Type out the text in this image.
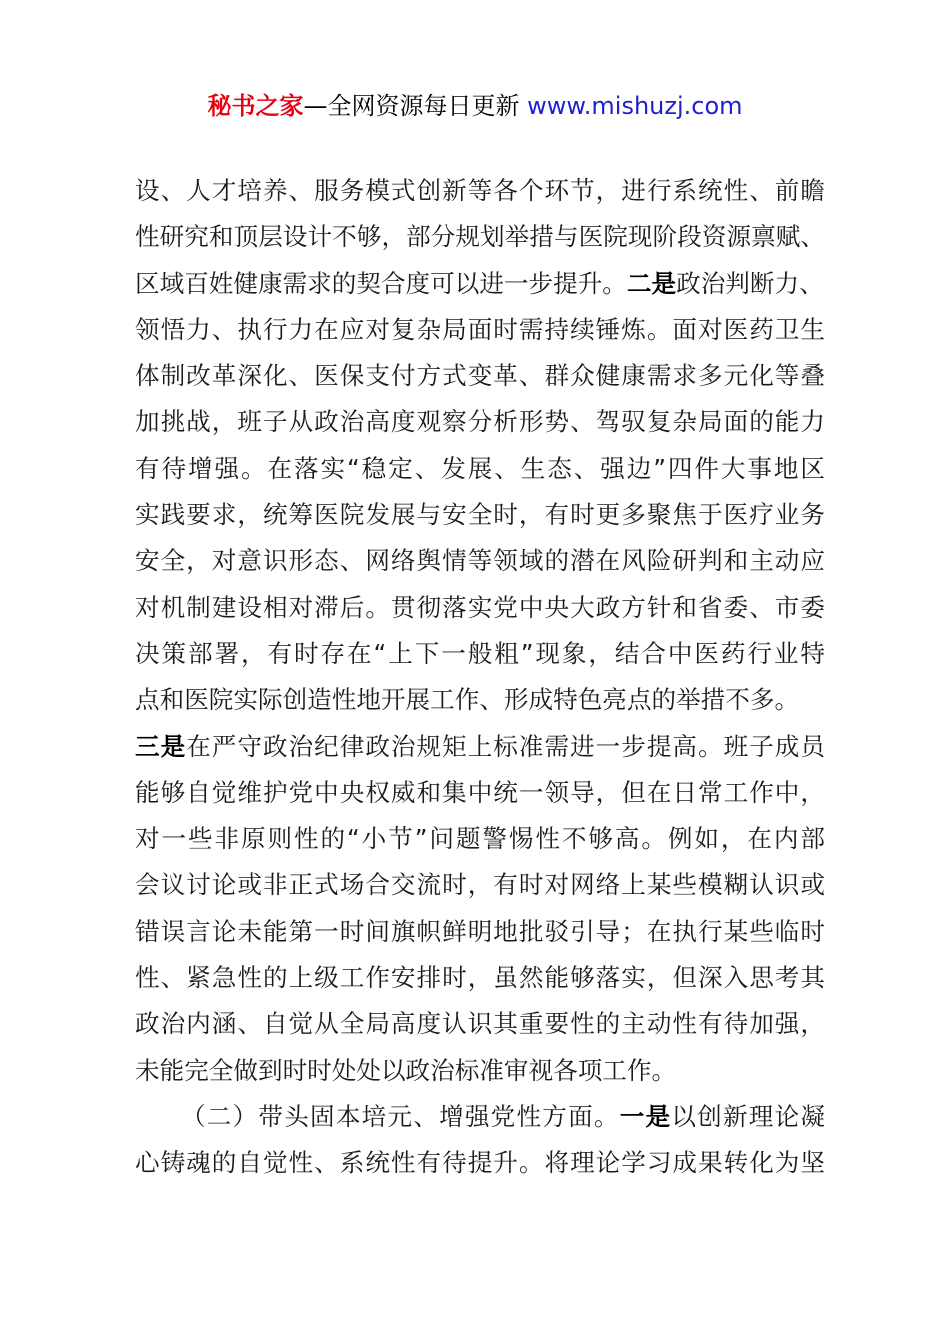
秘书之家—全网资源每日更新 www.mishuzj.com
设、人才培养、服务模式创新等各个环节，进行系统性、前瞻
性研究和顶层设计不够，部分规划举措与医院现阶段资源禀赋、
区域百姓健康需求的契合度可以进一步提升。二是政治判断力、
领悟力、执行力在应对复杂局面时需持续锤炼。面对医药卫生
体制改革深化、医保支付方式变革、群众健康需求多元化等叠
加挑战，班子从政治高度观察分析形势、驾驭复杂局面的能力
有待增强。在落实“稳定、发展、生态、强边”四件大事地区
实践要求，统筹医院发展与安全时，有时更多聚焦于医疗业务
安全，对意识形态、网络舆情等领域的潜在风险研判和主动应
对机制建设相对滞后。贯彻落实党中央大政方针和省委、市委
决策部署，有时存在“上下一般粗”现象，结合中医药行业特
点和医院实际创造性地开展工作、形成特色亮点的举措不多。
三是在严守政治纪律政治规矩上标准需进一步提高。班子成员
能够自觉维护党中央权威和集中统一领导，但在日常工作中，
对一些非原则性的“小节”问题警惕性不够高。例如，在内部
会议讨论或非正式场合交流时，有时对网络上某些模糊认识或
错误言论未能第一时间旗帜鲜明地批驳引导；在执行某些临时
性、紧急性的上级工作安排时，虽然能够落实，但深入思考其
政治内涵、自觉从全局高度认识其重要性的主动性有待加强，
未能完全做到时时处处以政治标准审视各项工作。
（二）带头固本培元、增强党性方面。一是以创新理论凝
心铸魂的自觉性、系统性有待提升。将理论学习成果转化为坚
